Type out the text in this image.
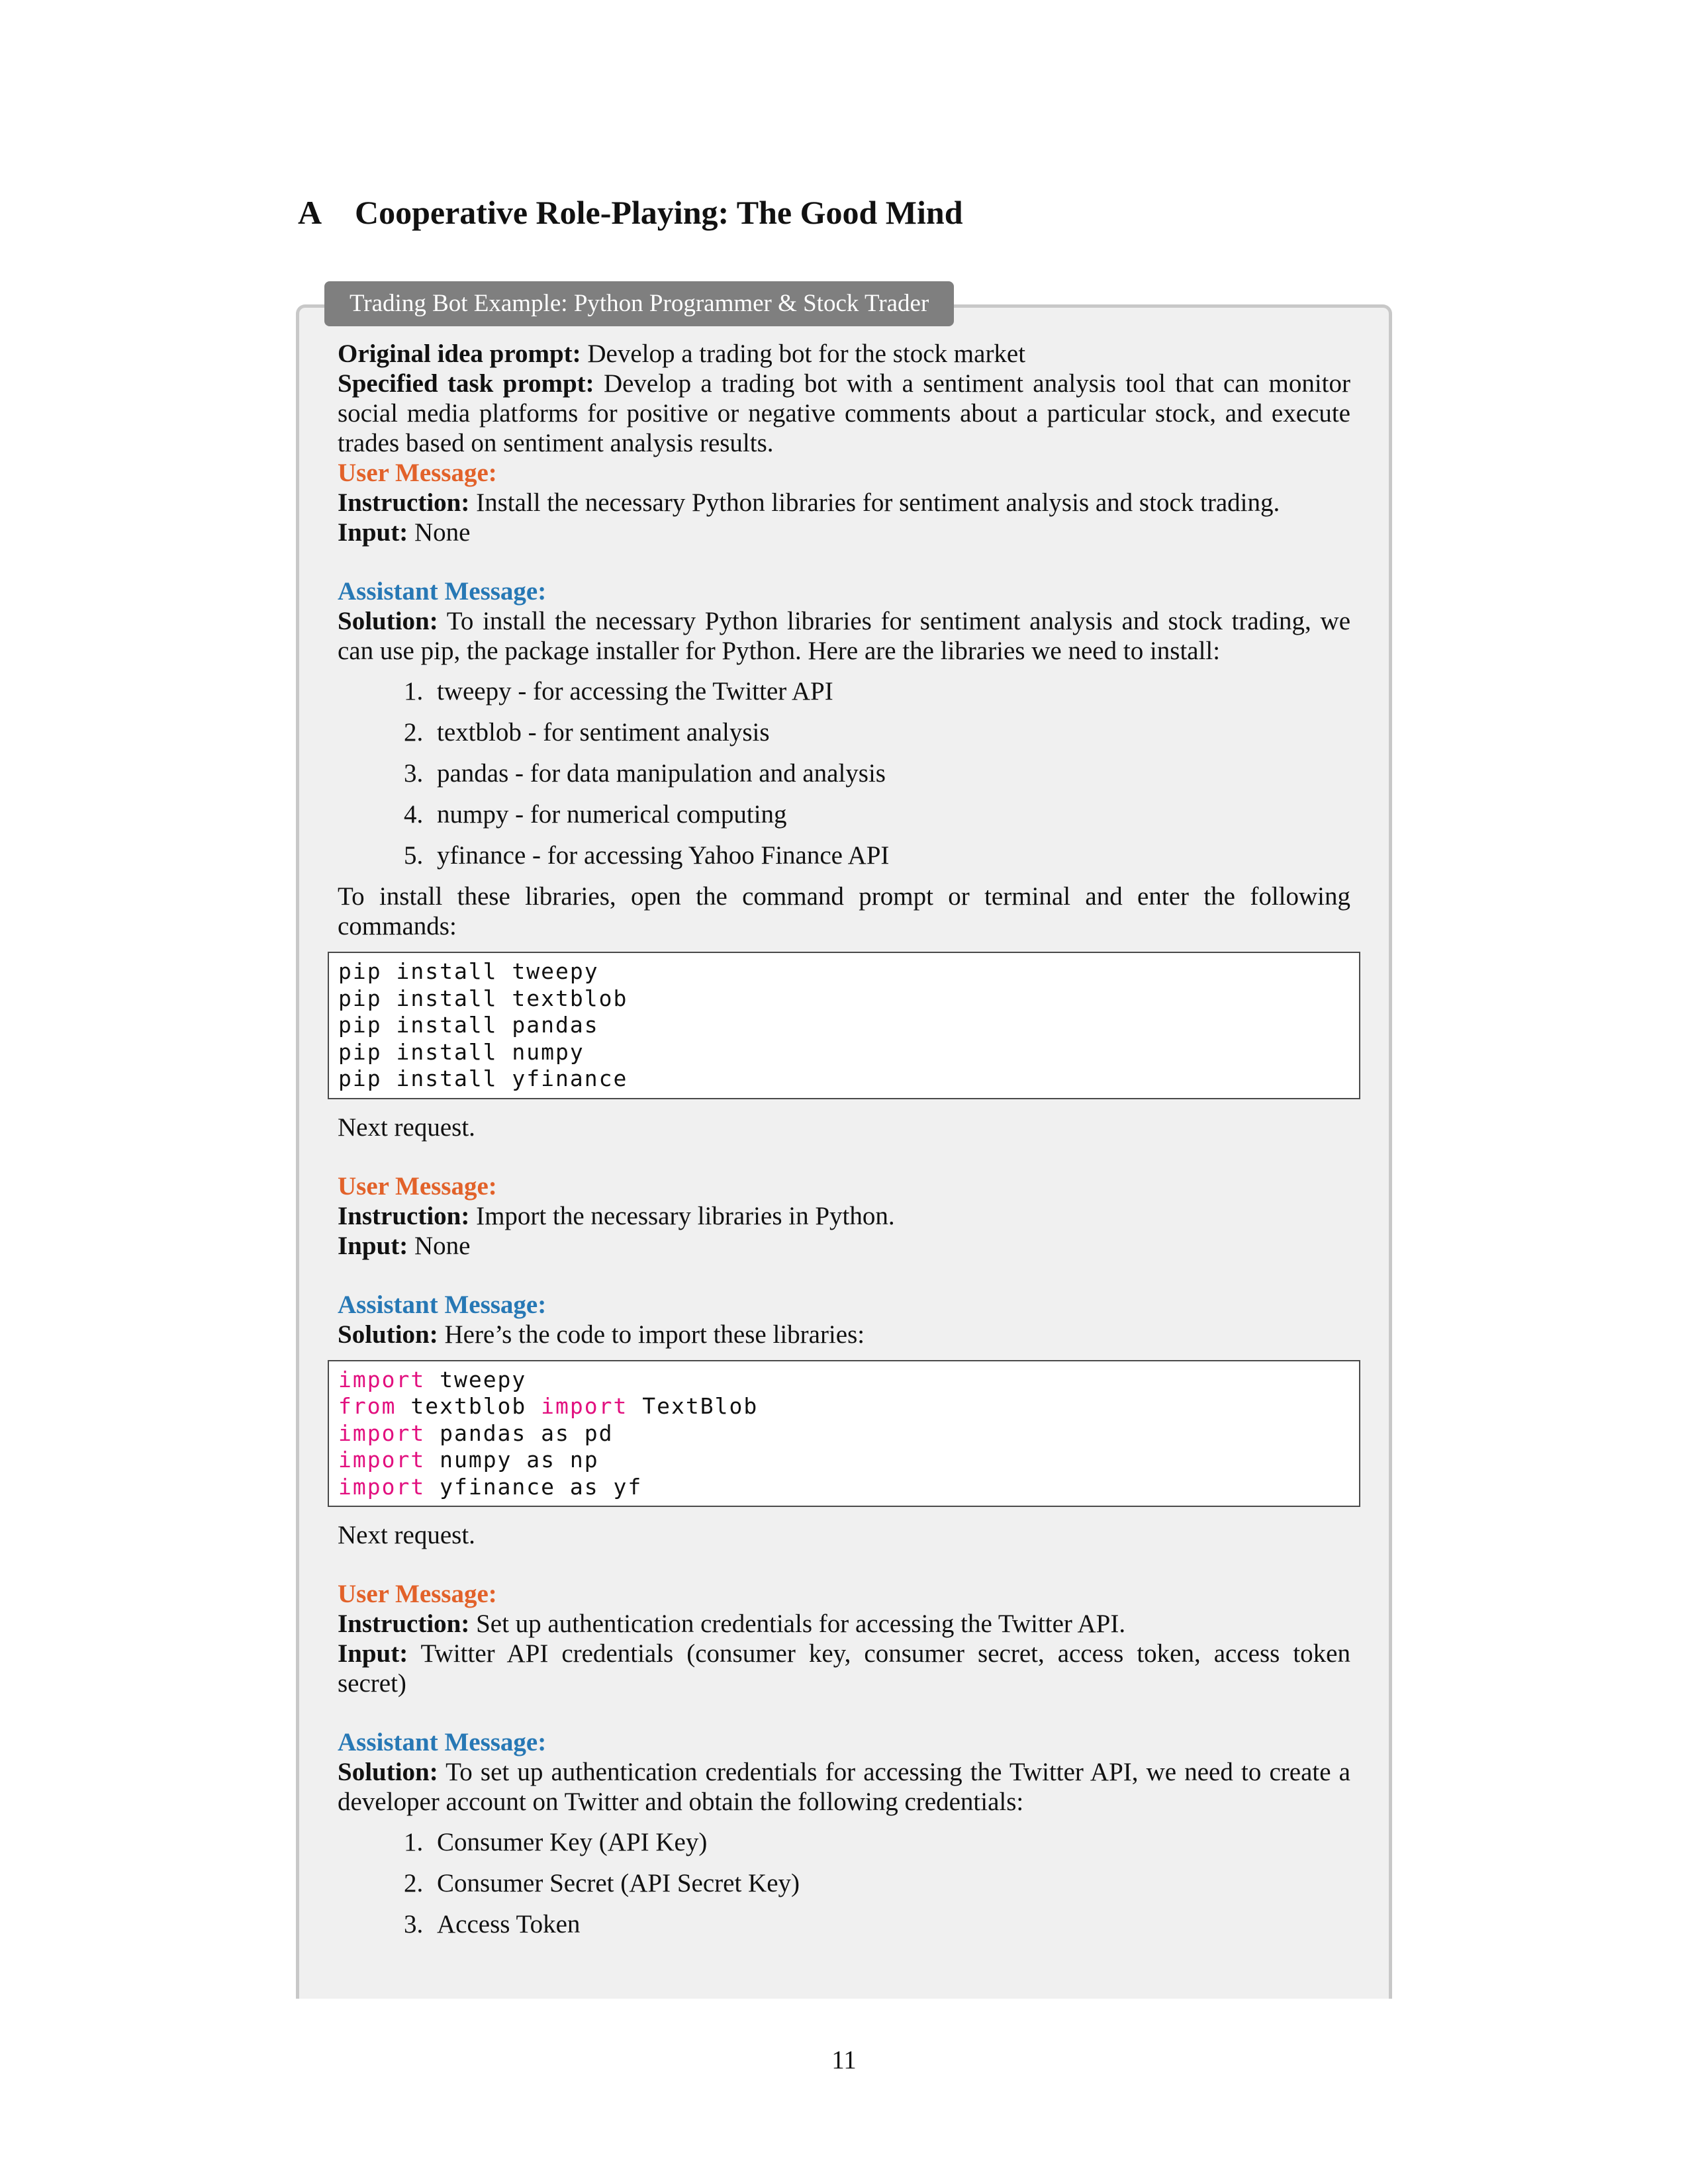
A Cooperative Role-Playing: The Good Mind
Trading Bot Example: Python Programmer & Stock Trader

Original idea prompt: Develop a trading bot for the stock market

Specified task prompt: Develop a trading bot with a sentiment analysis tool that can monitor social media platforms for positive or negative comments about a particular stock, and execute trades based on sentiment analysis results.

User Message:

Instruction: Install the necessary Python libraries for sentiment analysis and stock trading.

Input: None

Assistant Message:

Solution: To install the necessary Python libraries for sentiment analysis and stock trading, we can use pip, the package installer for Python. Here are the libraries we need to install:

1. tweepy - for accessing the Twitter API
2. textblob - for sentiment analysis
3. pandas - for data manipulation and analysis
4. numpy - for numerical computing
5. yfinance - for accessing Yahoo Finance API

To install these libraries, open the command prompt or terminal and enter the following commands:

pip install tweepy
pip install textblob
pip install pandas
pip install numpy
pip install yfinance

Next request.

User Message:

Instruction: Import the necessary libraries in Python.

Input: None

Assistant Message:

Solution: Here’s the code to import these libraries:

import tweepy
from textblob import TextBlob
import pandas as pd
import numpy as np
import yfinance as yf

Next request.

User Message:

Instruction: Set up authentication credentials for accessing the Twitter API.

Input: Twitter API credentials (consumer key, consumer secret, access token, access token secret)

Assistant Message:

Solution: To set up authentication credentials for accessing the Twitter API, we need to create a developer account on Twitter and obtain the following credentials:

1. Consumer Key (API Key)
2. Consumer Secret (API Secret Key)
3. Access Token
11
